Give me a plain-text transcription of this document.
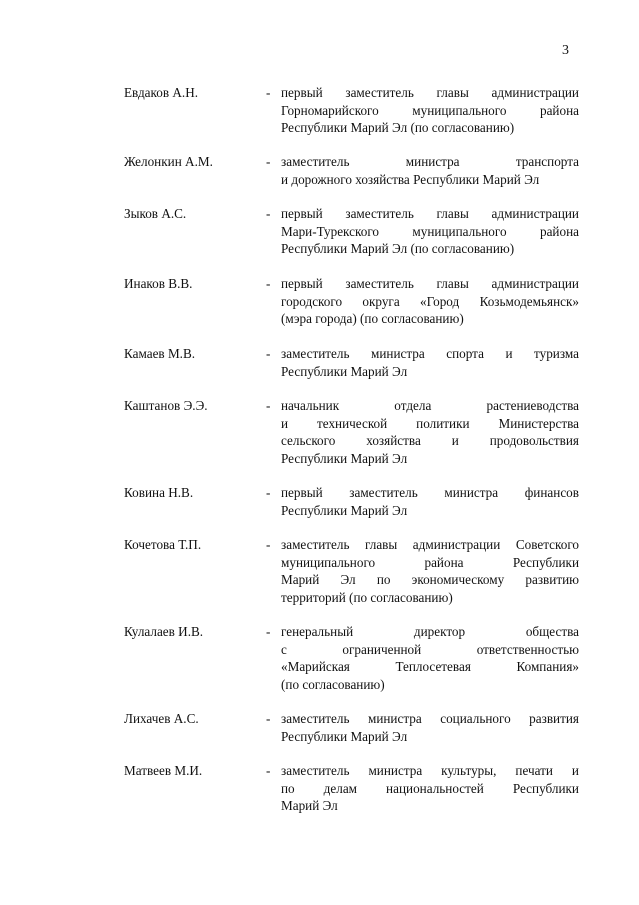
3
Евдаков А.Н.	- первый заместитель главы администрации
Горномарийского муниципального района
Республики Марий Эл (по согласованию)
Желонкин А.М.	- заместитель министра транспорта
и дорожного хозяйства Республики Марий Эл
Зыков А.С.	- первый заместитель главы администрации
Мари-Турекского муниципального района
Республики Марий Эл (по согласованию)
Инаков В.В.	- первый заместитель главы администрации
городского округа «Город Козьмодемьянск»
(мэра города) (по согласованию)
Камаев М.В.	- заместитель министра спорта и туризма
Республики Марий Эл
Каштанов Э.Э.	- начальник отдела растениеводства
и технической политики Министерства
сельского хозяйства и продовольствия
Республики Марий Эл
Ковина Н.В.	- первый заместитель министра финансов
Республики Марий Эл
Кочетова Т.П.	- заместитель главы администрации Советского
муниципального района Республики
Марий Эл по экономическому развитию
территорий (по согласованию)
Кулалаев И.В.	- генеральный директор общества
с ограниченной ответственностью
«Марийская Теплосетевая Компания»
(по согласованию)
Лихачев А.С.	- заместитель министра социального развития
Республики Марий Эл
Матвеев М.И.	- заместитель министра культуры, печати и
по делам национальностей Республики
Марий Эл
